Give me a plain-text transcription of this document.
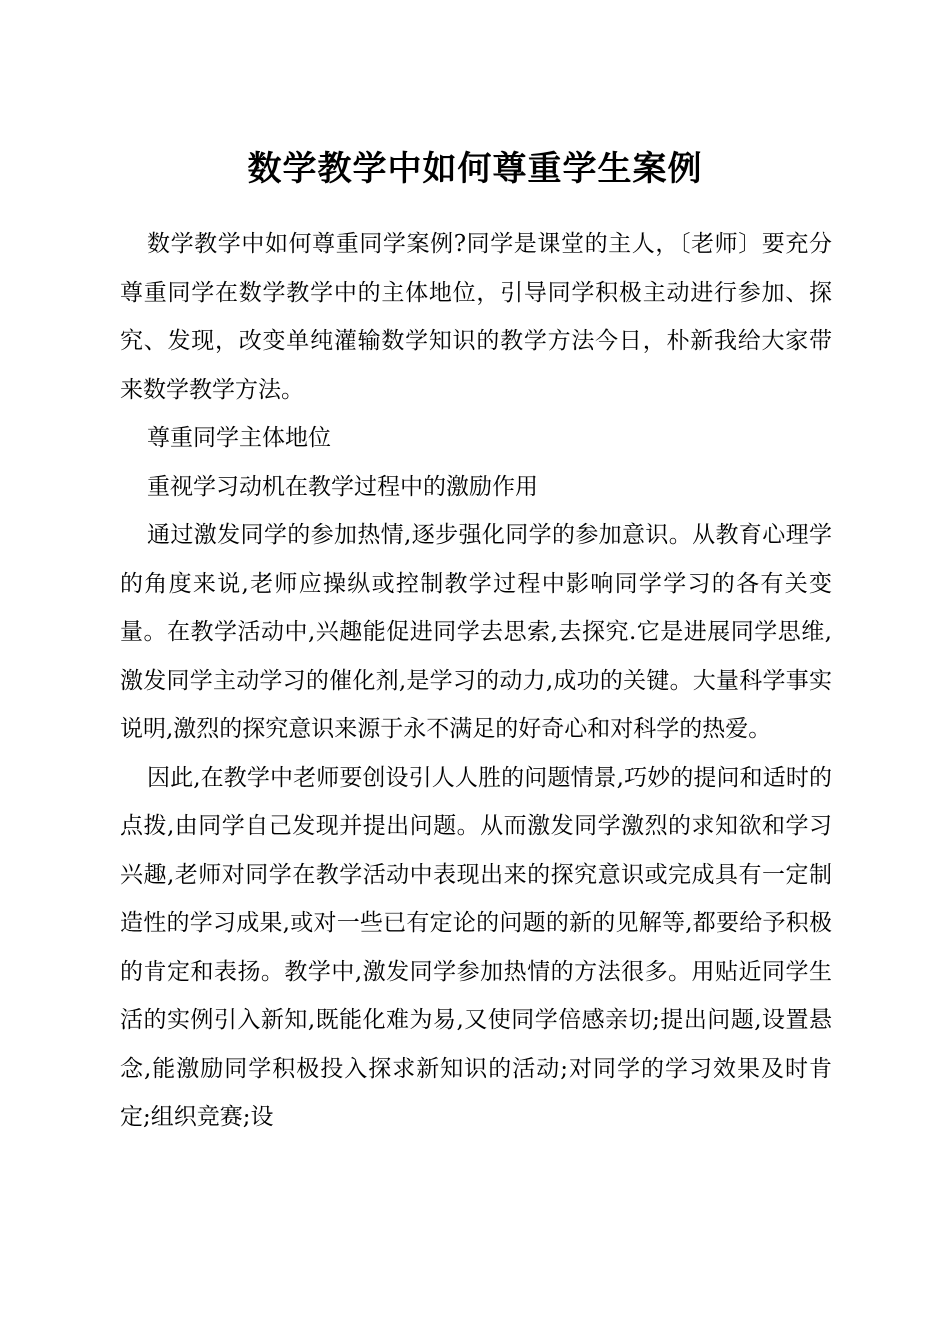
数学教学中如何尊重学生案例

数学教学中如何尊重同学案例?同学是课堂的主人，〔老师〕要充分尊重同学在数学教学中的主体地位，引导同学积极主动进行参加、探究、发现，改变单纯灌输数学知识的教学方法今日，朴新我给大家带来数学教学方法。

尊重同学主体地位

重视学习动机在教学过程中的激励作用

通过激发同学的参加热情,逐步强化同学的参加意识。从教育心理学的角度来说,老师应操纵或控制教学过程中影响同学学习的各有关变量。在教学活动中,兴趣能促进同学去思索,去探究.它是进展同学思维,激发同学主动学习的催化剂,是学习的动力,成功的关键。大量科学事实说明,激烈的探究意识来源于永不满足的好奇心和对科学的热爱。

因此,在教学中老师要创设引人人胜的问题情景,巧妙的提问和适时的点拨,由同学自己发现并提出问题。从而激发同学激烈的求知欲和学习兴趣,老师对同学在教学活动中表现出来的探究意识或完成具有一定制造性的学习成果,或对一些已有定论的问题的新的见解等,都要给予积极的肯定和表扬。教学中,激发同学参加热情的方法很多。用贴近同学生活的实例引入新知,既能化难为易,又使同学倍感亲切;提出问题,设置悬念,能激励同学积极投入探求新知识的活动;对同学的学习效果及时肯定;组织竞赛;设
